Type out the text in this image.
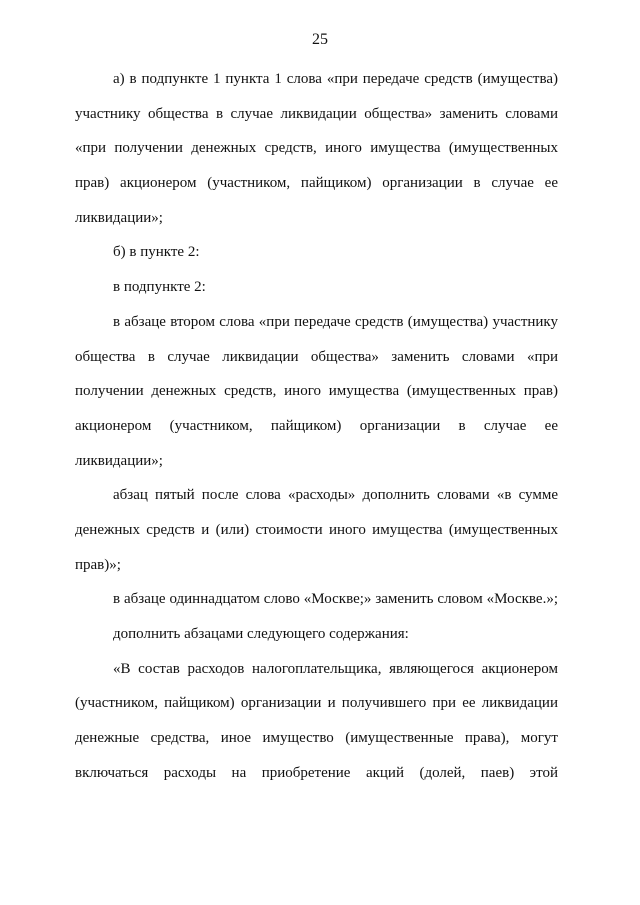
25
а) в подпункте 1 пункта 1 слова «при передаче средств (имущества)
участнику общества в случае ликвидации общества» заменить словами
«при получении денежных средств, иного имущества (имущественных
прав) акционером (участником, пайщиком) организации в случае ее
ликвидации»;
б) в пункте 2:
в подпункте 2:
в абзаце втором слова «при передаче средств (имущества) участнику
общества в случае ликвидации общества» заменить словами «при
получении денежных средств, иного имущества (имущественных прав)
акционером (участником, пайщиком) организации в случае ее
ликвидации»;
абзац пятый после слова «расходы» дополнить словами «в сумме
денежных средств и (или) стоимости иного имущества (имущественных
прав)»;
в абзаце одиннадцатом слово «Москве;» заменить словом «Москве.»;
дополнить абзацами следующего содержания:
«В состав расходов налогоплательщика, являющегося акционером
(участником, пайщиком) организации и получившего при ее ликвидации
денежные средства, иное имущество (имущественные права), могут
включаться расходы на приобретение акций (долей, паев) этой
